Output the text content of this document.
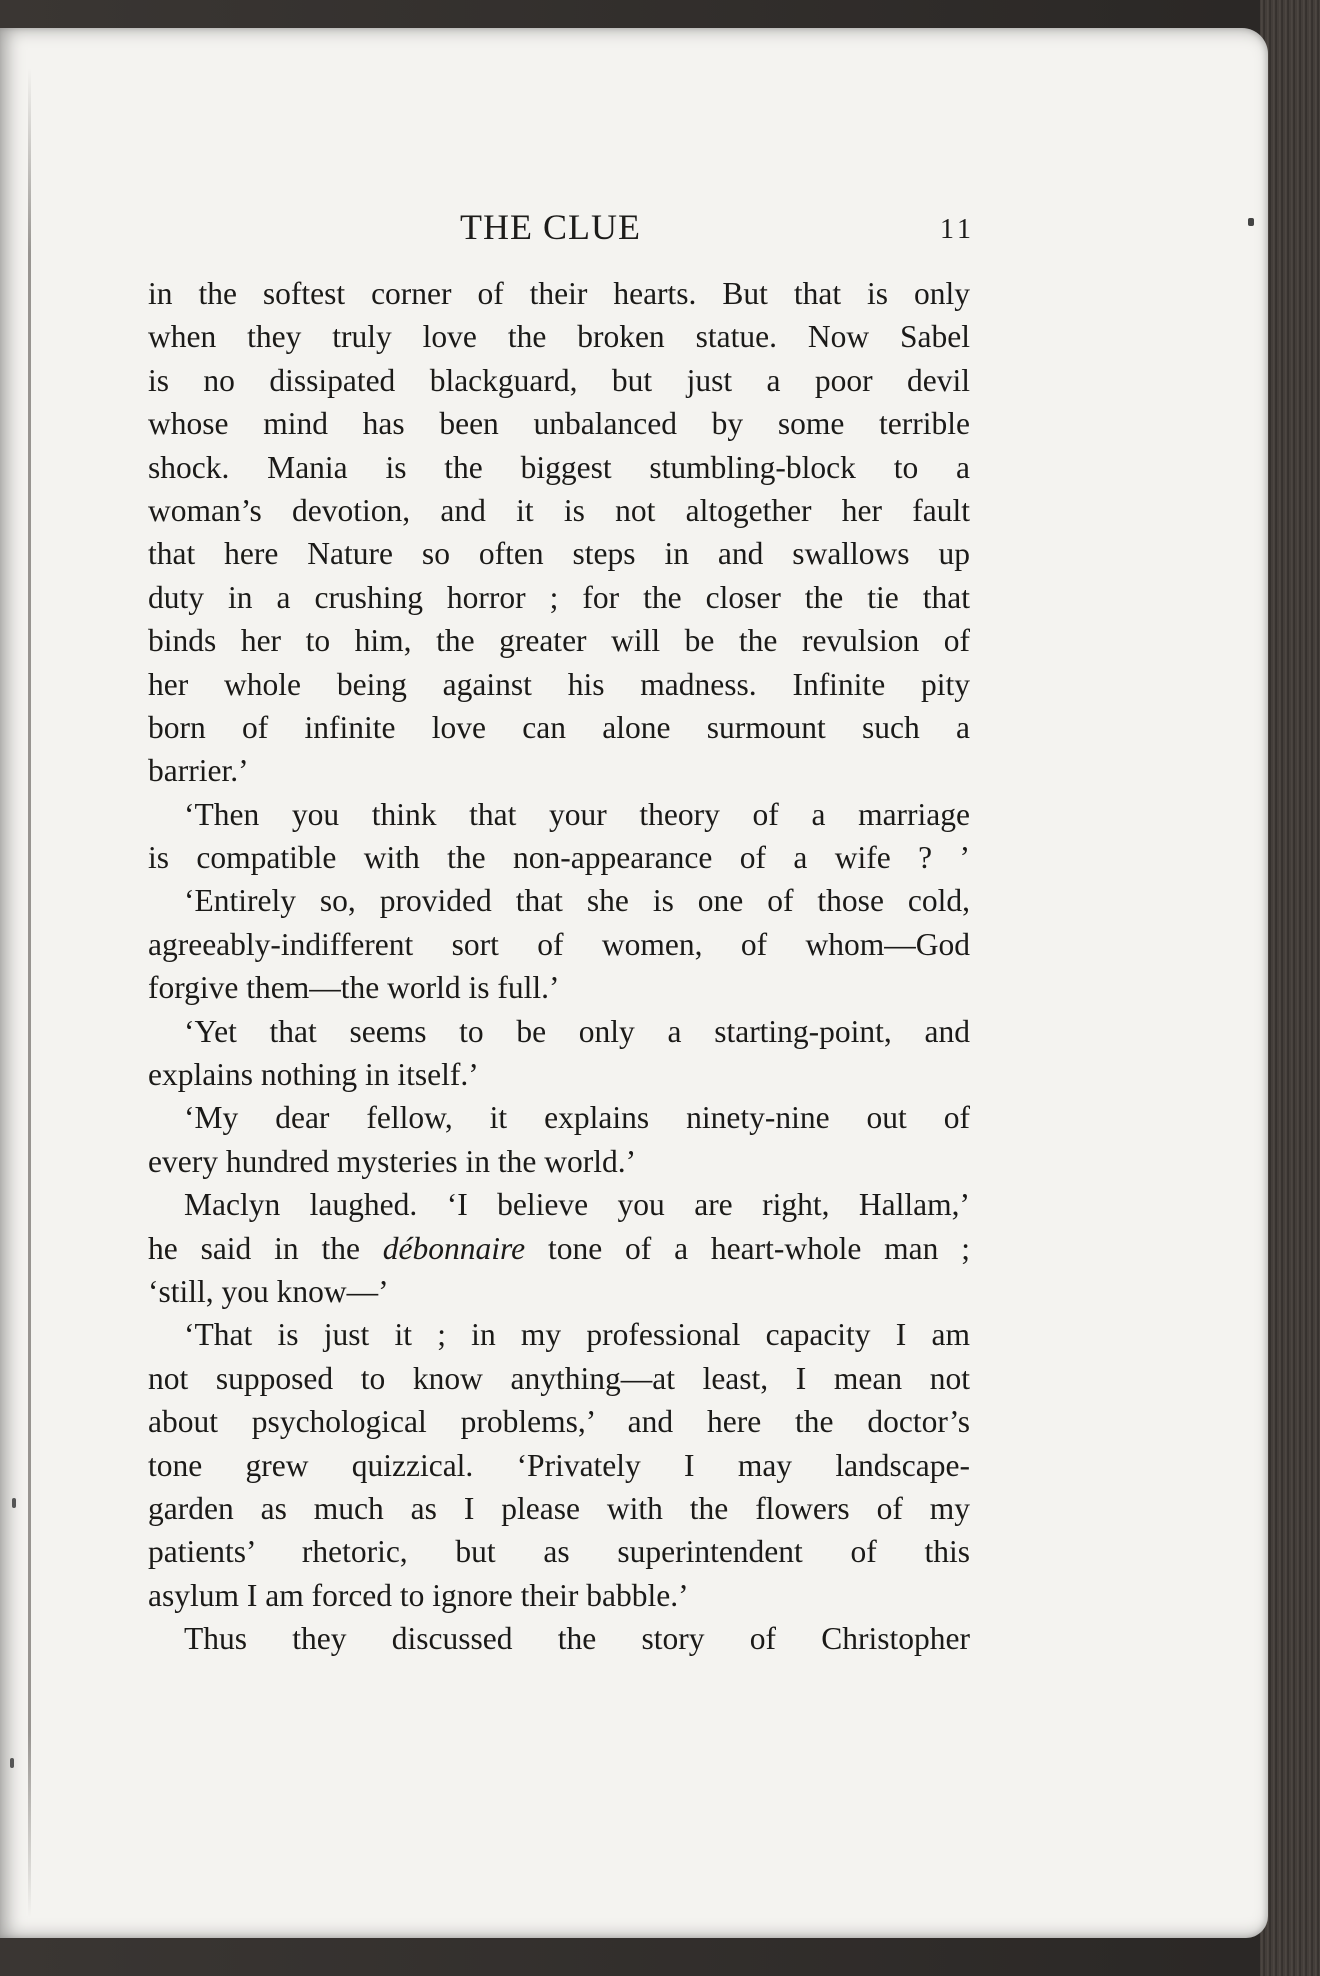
THE CLUE	11
in the softest corner of their hearts. But that is only
when they truly love the broken statue. Now Sabel
is no dissipated blackguard, but just a poor devil
whose mind has been unbalanced by some terrible
shock. Mania is the biggest stumbling-block to a
woman’s devotion, and it is not altogether her fault
that here Nature so often steps in and swallows up
duty in a crushing horror ; for the closer the tie that
binds her to him, the greater will be the revulsion of
her whole being against his madness. Infinite pity
born of infinite love can alone surmount such a
barrier.’
‘Then you think that your theory of a marriage
is compatible with the non-appearance of a wife ? ’
‘Entirely so, provided that she is one of those cold,
agreeably-indifferent sort of women, of whom—God
forgive them—the world is full.’
‘Yet that seems to be only a starting-point, and
explains nothing in itself.’
‘My dear fellow, it explains ninety-nine out of
every hundred mysteries in the world.’
Maclyn laughed. ‘I believe you are right, Hallam,’
he said in the débonnaire tone of a heart-whole man ;
‘still, you know—’
‘That is just it ; in my professional capacity I am
not supposed to know anything—at least, I mean not
about psychological problems,’ and here the doctor’s
tone grew quizzical. ‘Privately I may landscape-
garden as much as I please with the flowers of my
patients’ rhetoric, but as superintendent of this
asylum I am forced to ignore their babble.’
Thus they discussed the story of Christopher
